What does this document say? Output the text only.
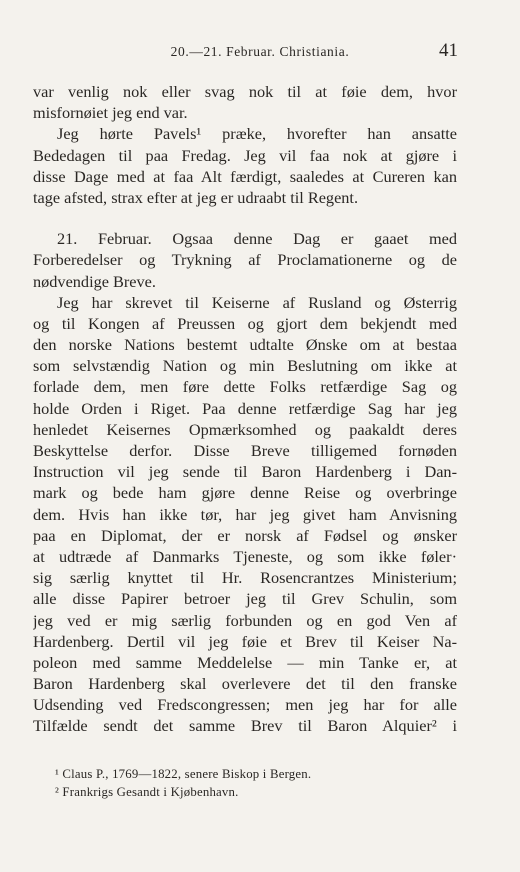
20.—21. Februar. Christiania.	41
var venlig nok eller svag nok til at føie dem, hvor
misfornøiet jeg end var.
Jeg hørte Pavels¹ præke, hvorefter han ansatte
Bededagen til paa Fredag. Jeg vil faa nok at gjøre i
disse Dage med at faa Alt færdigt, saaledes at Cureren kan
tage afsted, strax efter at jeg er udraabt til Regent.
21. Februar. Ogsaa denne Dag er gaaet med
Forberedelser og Trykning af Proclamationerne og de
nødvendige Breve.
Jeg har skrevet til Keiserne af Rusland og Østerrig
og til Kongen af Preussen og gjort dem bekjendt med
den norske Nations bestemt udtalte Ønske om at bestaa
som selvstændig Nation og min Beslutning om ikke at
forlade dem, men føre dette Folks retfærdige Sag og
holde Orden i Riget. Paa denne retfærdige Sag har jeg
henledet Keisernes Opmærksomhed og paakaldt deres
Beskyttelse derfor. Disse Breve tilligemed fornøden
Instruction vil jeg sende til Baron Hardenberg i Dan-
mark og bede ham gjøre denne Reise og overbringe
dem. Hvis han ikke tør, har jeg givet ham Anvisning
paa en Diplomat, der er norsk af Fødsel og ønsker
at udtræde af Danmarks Tjeneste, og som ikke føler·
sig særlig knyttet til Hr. Rosencrantzes Ministerium;
alle disse Papirer betroer jeg til Grev Schulin, som
jeg ved er mig særlig forbunden og en god Ven af
Hardenberg. Dertil vil jeg føie et Brev til Keiser Na-
poleon med samme Meddelelse — min Tanke er, at
Baron Hardenberg skal overlevere det til den franske
Udsending ved Fredscongressen; men jeg har for alle
Tilfælde sendt det samme Brev til Baron Alquier² i
¹ Claus P., 1769—1822, senere Biskop i Bergen.
² Frankrigs Gesandt i Kjøbenhavn.
